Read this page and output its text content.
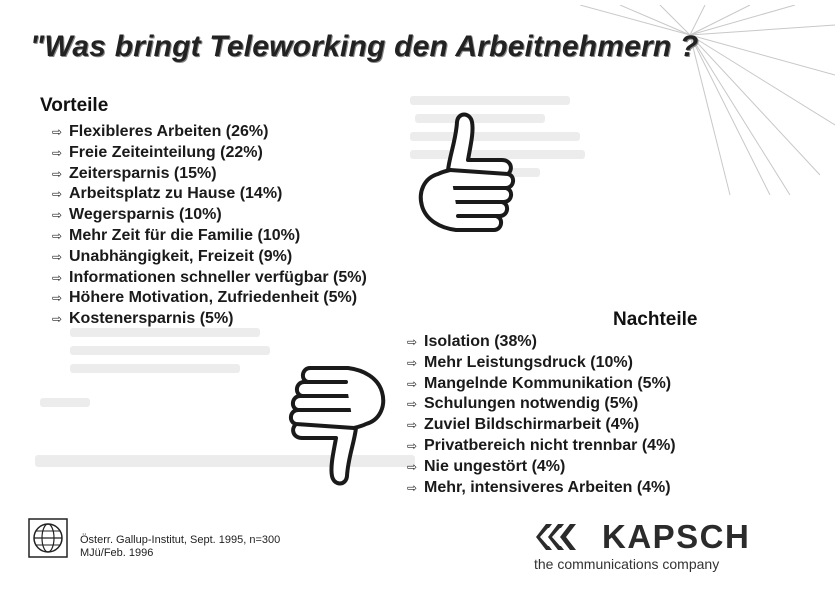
"Was bringt Teleworking den Arbeitnehmern ?
Vorteile
⇨ Flexibleres Arbeiten (26%)
⇨ Freie Zeiteinteilung (22%)
⇨ Zeitersparnis (15%)
⇨ Arbeitsplatz zu Hause (14%)
⇨ Wegersparnis (10%)
⇨ Mehr Zeit für die Familie (10%)
⇨ Unabhängigkeit, Freizeit (9%)
⇨ Informationen schneller verfügbar (5%)
⇨ Höhere Motivation, Zufriedenheit (5%)
⇨ Kostenersparnis (5%)	Nachteile
⇨ Isolation (38%)
⇨ Mehr Leistungsdruck (10%)
⇨ Mangelnde Kommunikation (5%)
⇨ Schulungen notwendig (5%)
⇨ Zuviel Bildschirmarbeit (4%)
⇨ Privatbereich nicht trennbar (4%)
⇨ Nie ungestört (4%)
⇨ Mehr, intensiveres Arbeiten (4%)
Österr. Gallup-Institut, Sept. 1995, n=300
MJü/Feb. 1996	KAPSCH
the communications company
